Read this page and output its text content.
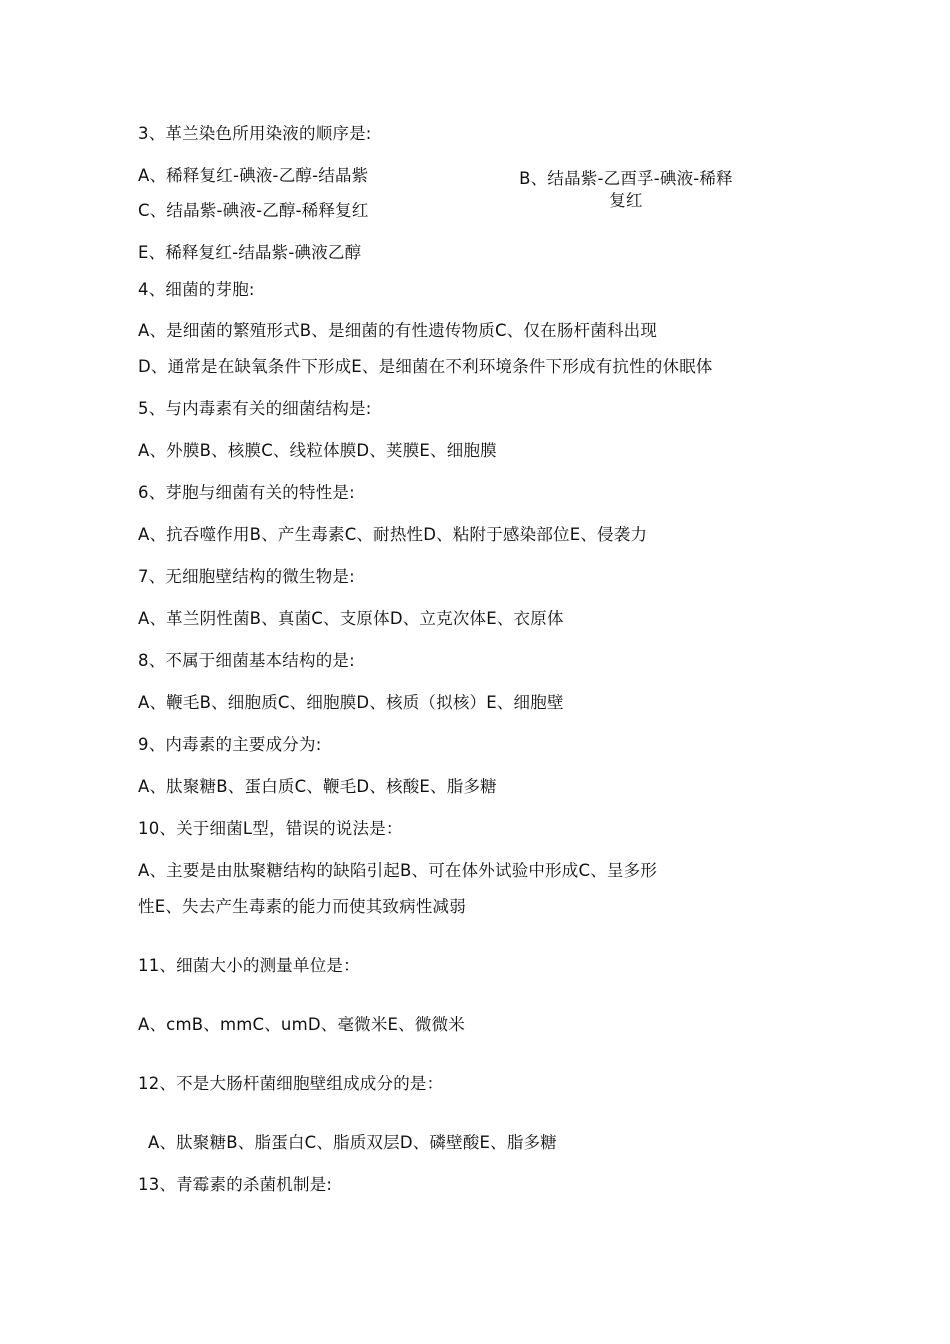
3、革兰染色所用染液的顺序是:
A、稀释复红-碘液-乙醇-结晶紫	B、结晶紫-乙酉孚-碘液-稀释
复红
C、结晶紫-碘液-乙醇-稀释复红
E、稀释复红-结晶紫-碘液乙醇
4、细菌的芽胞:
A、是细菌的繁殖形式B、是细菌的有性遗传物质C、仅在肠杆菌科出现
D、通常是在缺氧条件下形成E、是细菌在不利环境条件下形成有抗性的休眠体
5、与内毒素有关的细菌结构是:
A、外膜B、核膜C、线粒体膜D、荚膜E、细胞膜
6、芽胞与细菌有关的特性是:
A、抗吞噬作用B、产生毒素C、耐热性D、粘附于感染部位E、侵袭力
7、无细胞壁结构的微生物是:
A、革兰阴性菌B、真菌C、支原体D、立克次体E、衣原体
8、不属于细菌基本结构的是:
A、鞭毛B、细胞质C、细胞膜D、核质（拟核）E、细胞壁
9、内毒素的主要成分为:
A、肽聚糖B、蛋白质C、鞭毛D、核酸E、脂多糖
10、关于细菌L型，错误的说法是：
A、主要是由肽聚糖结构的缺陷引起B、可在体外试验中形成C、呈多形
性E、失去产生毒素的能力而使其致病性减弱
11、细菌大小的测量单位是：
A、cmB、mmC、umD、毫微米E、微微米
12、不是大肠杆菌细胞壁组成成分的是：
A、肽聚糖B、脂蛋白C、脂质双层D、磷壁酸E、脂多糖
13、青霉素的杀菌机制是:
